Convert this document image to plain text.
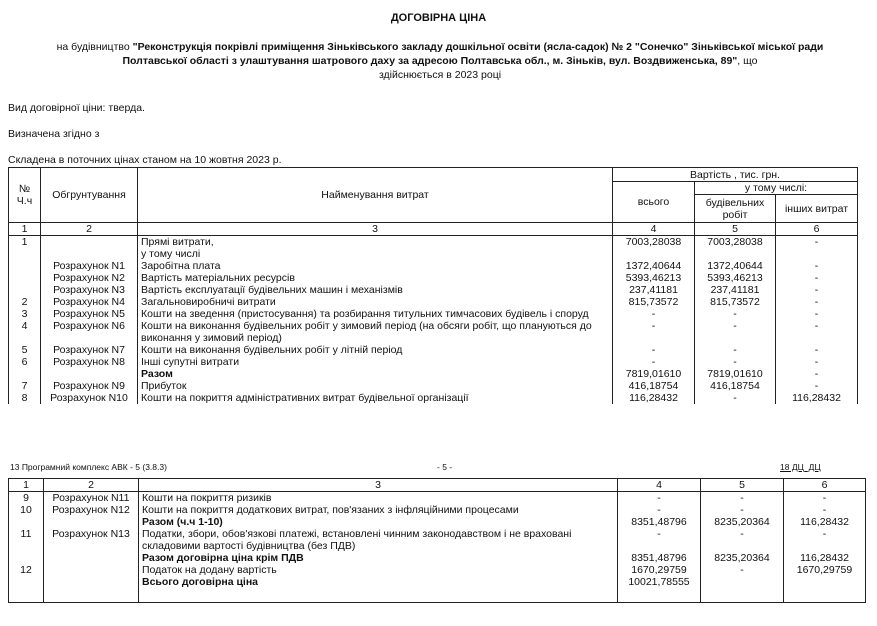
ДОГОВІРНА ЦІНА
на будівництво "Реконструкція покрівлі приміщення Зіньківського закладу дошкільної освіти (ясла-садок) № 2 "Сонечко" Зіньківської міської ради Полтавської області з улаштування шатрового даху за адресою Полтавська обл., м. Зіньків, вул. Воздвиженська, 89", що
здійснюється в 2023 році
Вид договірної ціни: тверда.
Визначена згідно з
Складена в поточних цінах станом на 10 жовтня 2023 р.
№ Ч.ч	Обгрунтування	Найменування витрат	Вартість , тис. грн.		
			всього	у тому числі:	
				будівельних робіт	інших витрат
1	2	3	4	5	6
1		Прямі витрати,	7003,28038	7003,28038	-
		у тому числі			
	Розрахунок N1	Заробітна плата	1372,40644	1372,40644	-
	Розрахунок N2	Вартість матеріальних ресурсів	5393,46213	5393,46213	-
	Розрахунок N3	Вартість експлуатації будівельних машин і механізмів	237,41181	237,41181	-
2	Розрахунок N4	Загальновиробничі витрати	815,73572	815,73572	-
3	Розрахунок N5	Кошти на зведення (пристосування) та розбирання титульних тимчасових будівель і споруд	-	-	-
4	Розрахунок N6	Кошти на виконання будівельних робіт у зимовий період (на обсяги робіт, що плануються до виконання у зимовий період)	-	-	-
5	Розрахунок N7	Кошти на виконання будівельних робіт у літній період	-	-	-
6	Розрахунок N8	Інші супутні витрати	-	-	-
		Разом	7819,01610	7819,01610	-
7	Розрахунок N9	Прибуток	416,18754	416,18754	-
8	Розрахунок N10	Кошти на покриття адміністративних витрат будівельної організації	116,28432	-	116,28432
13 Програмний комплекс АВК - 5 (3.8.3)	- 5 -	18 ДЦ_ДЦ
1	2	3	4	5	6
9	Розрахунок N11	Кошти на покриття ризиків	-	-	-
10	Розрахунок N12	Кошти на покриття додаткових витрат, пов'язаних з інфляційними процесами	-	-	-
		Разом (ч.ч 1-10)	8351,48796	8235,20364	116,28432
11	Розрахунок N13	Податки, збори, обов'язкові платежі, встановлені чинним законодавством і не враховані складовими вартості будівництва (без ПДВ)	-	-	-
		Разом договірна ціна крім ПДВ	8351,48796	8235,20364	116,28432
12		Податок на додану вартість	1670,29759	-	1670,29759
		Всього договірна ціна	10021,78555		
